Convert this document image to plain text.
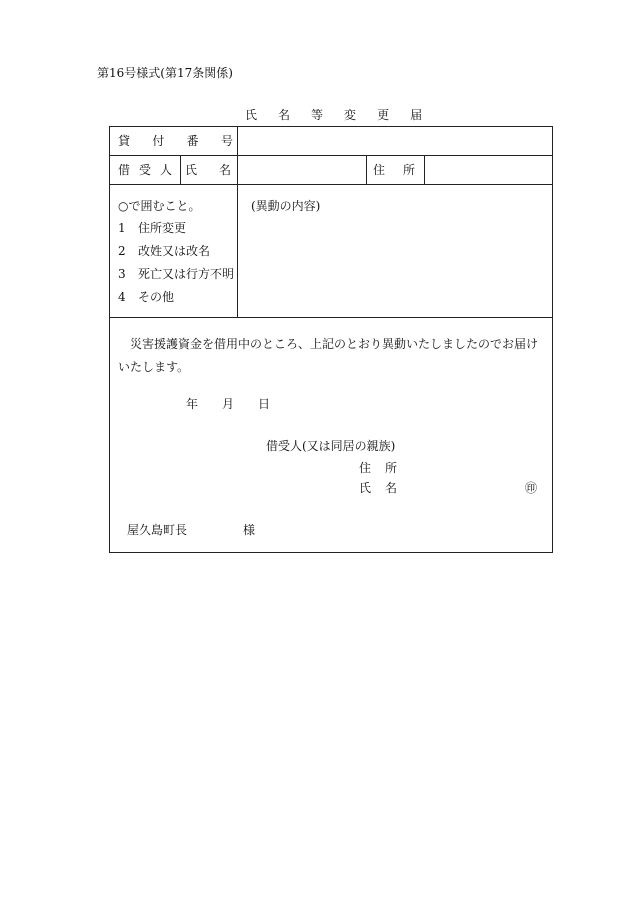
第16号様式(第17条関係)
氏 名 等 変 更 届
貸 付 番 号
借 受 人 氏 名	住 所
○で囲むこと。
1 住所変更
2 改姓又は改名
3 死亡又は行方不明
4 その他
(異動の内容)
災害援護資金を借用中のところ、上記のとおり異動いたしましたのでお届けいたします。
年 月 日
借受人(又は同居の親族)
住 所
氏 名	㊞
屋久島町長	様
